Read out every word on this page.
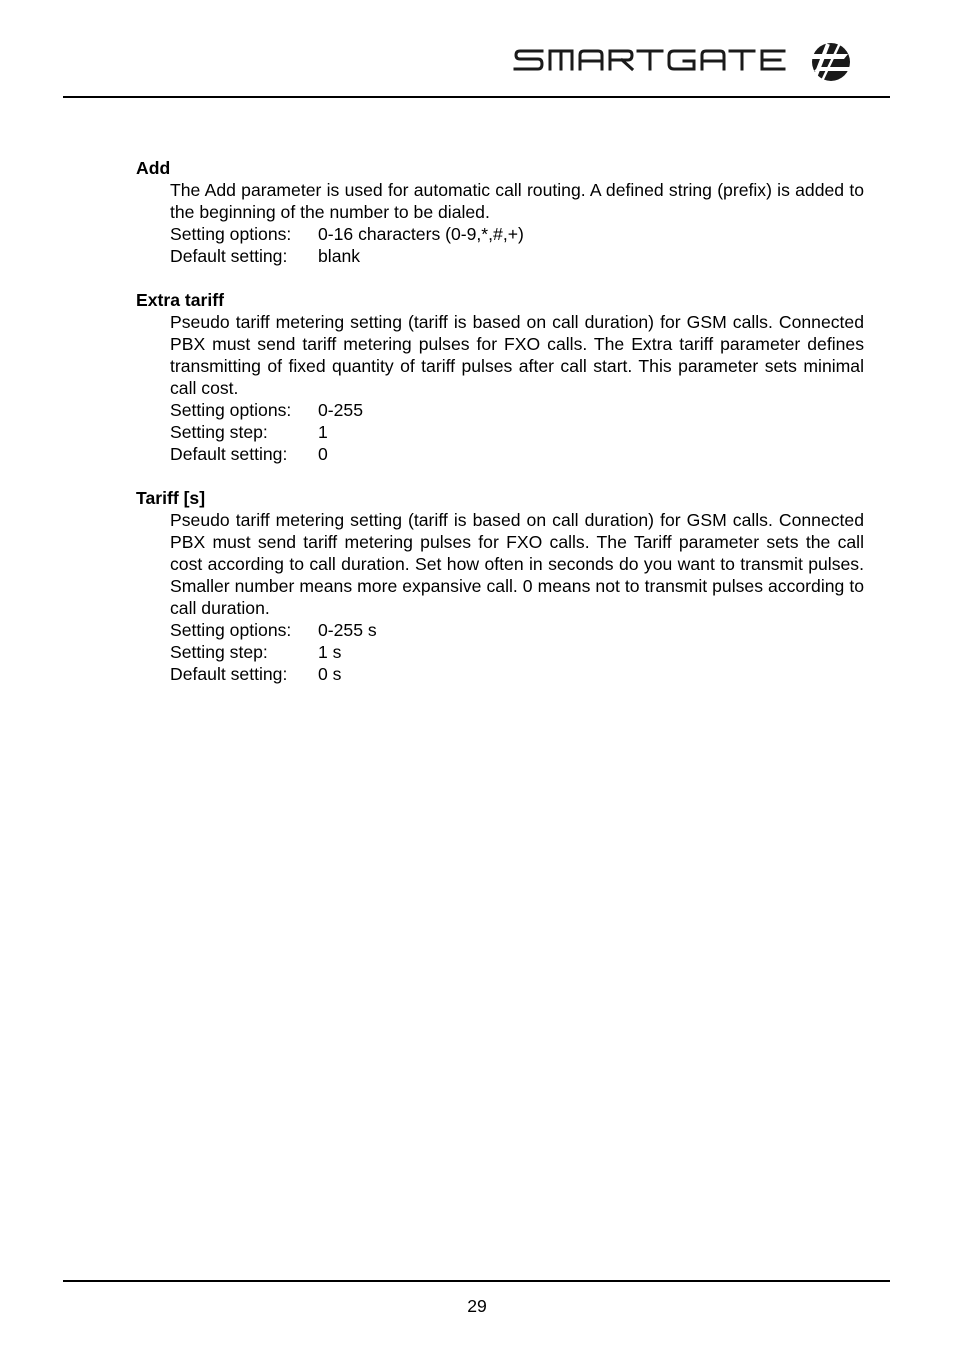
Add

The Add parameter is used for automatic call routing. A defined string (prefix) is added to the beginning of the number to be dialed.

Setting options:	0-16 characters (0-9,*,#,+)
Default setting:	blank

Extra tariff

Pseudo tariff metering setting (tariff is based on call duration) for GSM calls. Connected PBX must send tariff metering pulses for FXO calls. The Extra tariff parameter defines transmitting of fixed quantity of tariff pulses after call start. This parameter sets minimal call cost.

Setting options:	0-255
Setting step:	1
Default setting:	0

Tariff [s]

Pseudo tariff metering setting (tariff is based on call duration) for GSM calls. Connected PBX must send tariff metering pulses for FXO calls. The Tariff parameter sets the call cost according to call duration. Set how often in seconds do you want to transmit pulses. Smaller number means more expansive call. 0 means not to transmit pulses according to call duration.

Setting options:	0-255 s
Setting step:	1 s
Default setting:	0 s
29
